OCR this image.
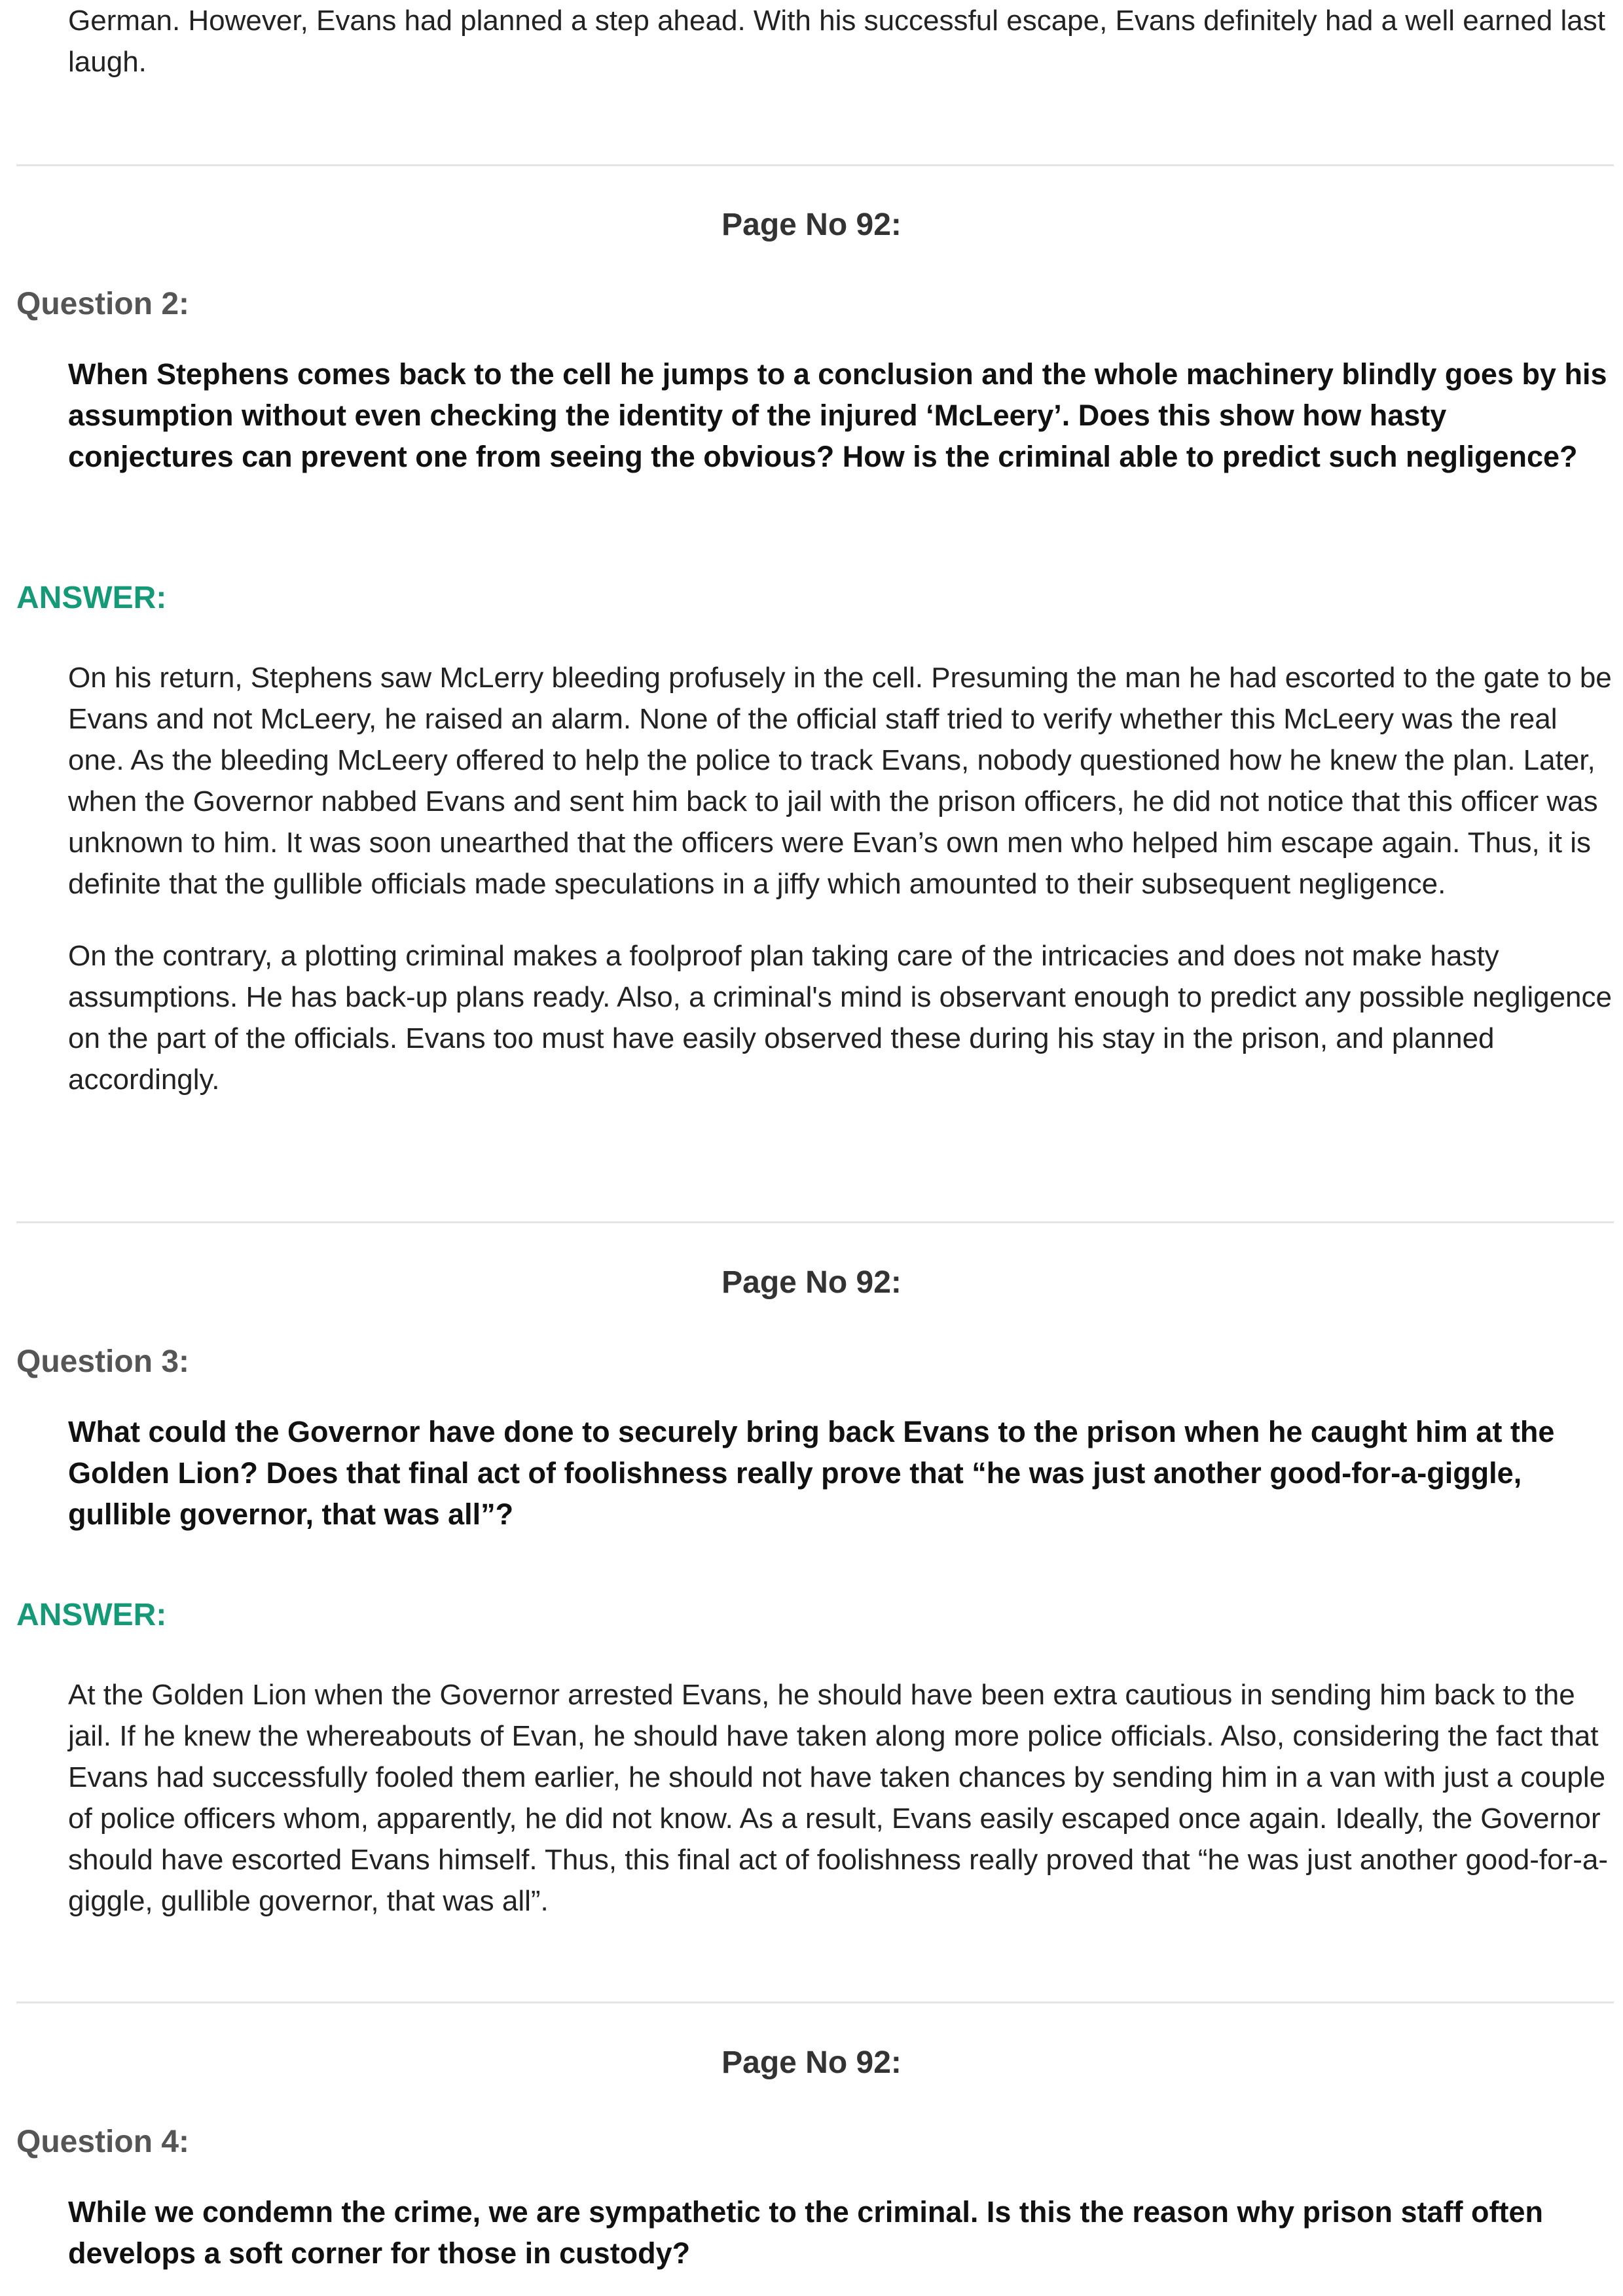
German. However, Evans had planned a step ahead. With his successful escape, Evans definitely had a well earned last laugh.

Page No 92:

Question 2:

When Stephens comes back to the cell he jumps to a conclusion and the whole machinery blindly goes by his assumption without even checking the identity of the injured ‘McLeery’. Does this show how hasty conjectures can prevent one from seeing the obvious? How is the criminal able to predict such negligence?

ANSWER:

On his return, Stephens saw McLerry bleeding profusely in the cell. Presuming the man he had escorted to the gate to be Evans and not McLeery, he raised an alarm. None of the official staff tried to verify whether this McLeery was the real one. As the bleeding McLeery offered to help the police to track Evans, nobody questioned how he knew the plan. Later, when the Governor nabbed Evans and sent him back to jail with the prison officers, he did not notice that this officer was unknown to him. It was soon unearthed that the officers were Evan’s own men who helped him escape again. Thus, it is definite that the gullible officials made speculations in a jiffy which amounted to their subsequent negligence.

On the contrary, a plotting criminal makes a foolproof plan taking care of the intricacies and does not make hasty assumptions. He has back-up plans ready. Also, a criminal's mind is observant enough to predict any possible negligence on the part of the officials. Evans too must have easily observed these during his stay in the prison, and planned accordingly.

Page No 92:

Question 3:

What could the Governor have done to securely bring back Evans to the prison when he caught him at the Golden Lion? Does that final act of foolishness really prove that “he was just another good-for-a-giggle, gullible governor, that was all”?

ANSWER:

At the Golden Lion when the Governor arrested Evans, he should have been extra cautious in sending him back to the jail. If he knew the whereabouts of Evan, he should have taken along more police officials. Also, considering the fact that Evans had successfully fooled them earlier, he should not have taken chances by sending him in a van with just a couple of police officers whom, apparently, he did not know. As a result, Evans easily escaped once again. Ideally, the Governor should have escorted Evans himself. Thus, this final act of foolishness really proved that “he was just another good-for-a-giggle, gullible governor, that was all”.

Page No 92:

Question 4:

While we condemn the crime, we are sympathetic to the criminal. Is this the reason why prison staff often develops a soft corner for those in custody?
